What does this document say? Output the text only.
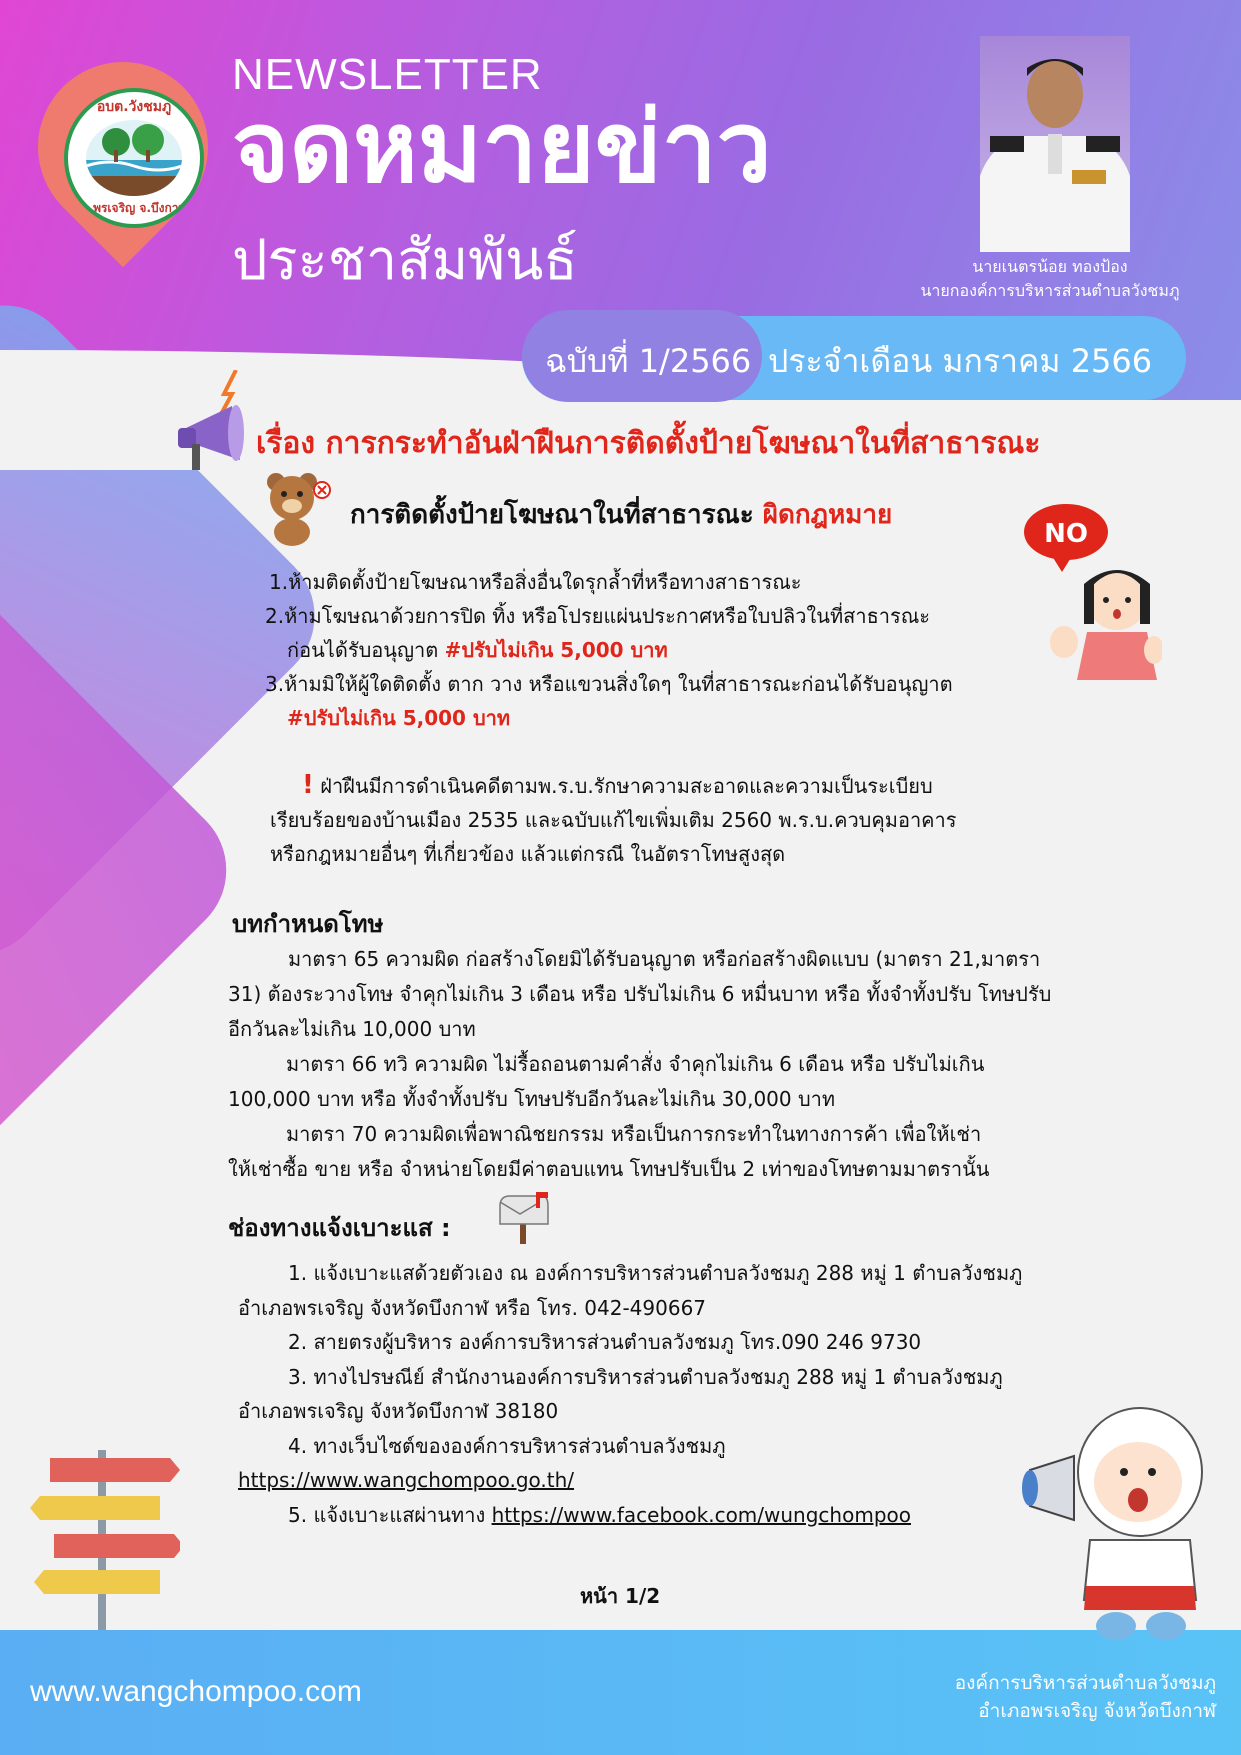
อบต.วังชมภู
อ.พรเจริญ จ.บึงกาฬ
NEWSLETTER
จดหมายข่าว
ประชาสัมพันธ์	นายเนตรน้อย ทองป้อง
นายกองค์การบริหารส่วนตำบลวังชมภู
ฉบับที่ 1/2566 ประจำเดือน มกราคม 2566
เรื่อง การกระทำอันฝ่าฝืนการติดตั้งป้ายโฆษณาในที่สาธารณะ
การติดตั้งป้ายโฆษณาในที่สาธารณะ ผิดกฎหมาย
NO
1.ห้ามติดตั้งป้ายโฆษณาหรือสิ่งอื่นใดรุกล้ำที่หรือทางสาธารณะ
2.ห้ามโฆษณาด้วยการปิด ทิ้ง หรือโปรยแผ่นประกาศหรือใบปลิวในที่สาธารณะ
ก่อนได้รับอนุญาต #ปรับไม่เกิน 5,000 บาท
3.ห้ามมิให้ผู้ใดติดตั้ง ตาก วาง หรือแขวนสิ่งใดๆ ในที่สาธารณะก่อนได้รับอนุญาต
#ปรับไม่เกิน 5,000 บาท
! ฝ่าฝืนมีการดำเนินคดีตามพ.ร.บ.รักษาความสะอาดและความเป็นระเบียบ
เรียบร้อยของบ้านเมือง 2535 และฉบับแก้ไขเพิ่มเติม 2560 พ.ร.บ.ควบคุมอาคาร
หรือกฎหมายอื่นๆ ที่เกี่ยวข้อง แล้วแต่กรณี ในอัตราโทษสูงสุด
บทกำหนดโทษ
มาตรา 65 ความผิด ก่อสร้างโดยมิได้รับอนุญาต หรือก่อสร้างผิดแบบ (มาตรา 21,มาตรา
31) ต้องระวางโทษ จำคุกไม่เกิน 3 เดือน หรือ ปรับไม่เกิน 6 หมื่นบาท หรือ ทั้งจำทั้งปรับ โทษปรับ
อีกวันละไม่เกิน 10,000 บาท
มาตรา 66 ทวิ ความผิด ไม่รื้อถอนตามคำสั่ง จำคุกไม่เกิน 6 เดือน หรือ ปรับไม่เกิน
100,000 บาท หรือ ทั้งจำทั้งปรับ โทษปรับอีกวันละไม่เกิน 30,000 บาท
มาตรา 70 ความผิดเพื่อพาณิชยกรรม หรือเป็นการกระทำในทางการค้า เพื่อให้เช่า
ให้เช่าซื้อ ขาย หรือ จำหน่ายโดยมีค่าตอบแทน โทษปรับเป็น 2 เท่าของโทษตามมาตรานั้น
ช่องทางแจ้งเบาะแส :
1. แจ้งเบาะแสด้วยตัวเอง ณ องค์การบริหารส่วนตำบลวังชมภู 288 หมู่ 1 ตำบลวังชมภู
อำเภอพรเจริญ จังหวัดบึงกาฬ หรือ โทร. 042-490667
2. สายตรงผู้บริหาร องค์การบริหารส่วนตำบลวังชมภู โทร.090 246 9730
3. ทางไปรษณีย์ สำนักงานองค์การบริหารส่วนตำบลวังชมภู 288 หมู่ 1 ตำบลวังชมภู
อำเภอพรเจริญ จังหวัดบึงกาฬ 38180
4. ทางเว็บไซต์ขององค์การบริหารส่วนตำบลวังชมภู
https://www.wangchompoo.go.th/
5. แจ้งเบาะแสผ่านทาง https://www.facebook.com/wungchompoo
หน้า 1/2
www.wangchompoo.com	องค์การบริหารส่วนตำบลวังชมภู
อำเภอพรเจริญ จังหวัดบึงกาฬ
